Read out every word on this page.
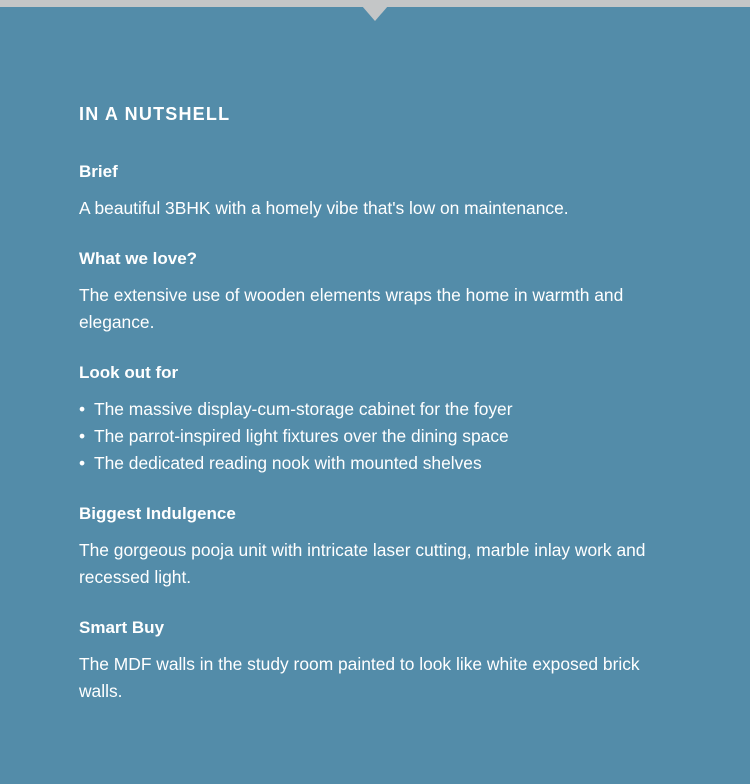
IN A NUTSHELL
Brief

A beautiful 3BHK with a homely vibe that's low on maintenance.

What we love?

The extensive use of wooden elements wraps the home in warmth and elegance.

Look out for
• The massive display-cum-storage cabinet for the foyer
• The parrot-inspired light fixtures over the dining space
• The dedicated reading nook with mounted shelves
Biggest Indulgence

The gorgeous pooja unit with intricate laser cutting, marble inlay work and recessed light.

Smart Buy

The MDF walls in the study room painted to look like white exposed brick walls.
